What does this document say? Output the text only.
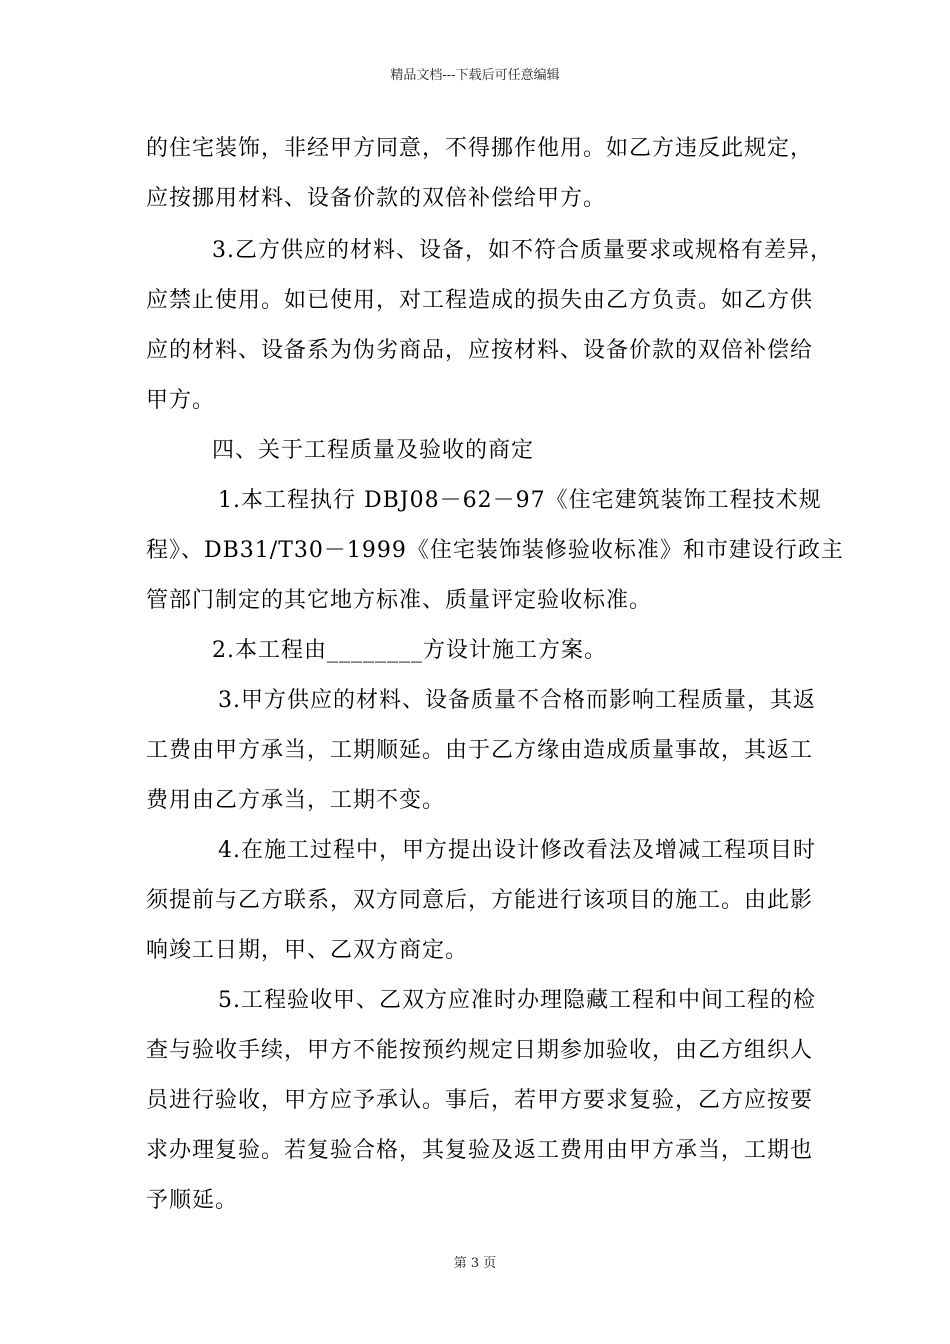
精品文档---下载后可任意编辑
的住宅装饰，非经甲方同意，不得挪作他用。如乙方违反此规定，
应按挪用材料、设备价款的双倍补偿给甲方。
3.乙方供应的材料、设备，如不符合质量要求或规格有差异，
应禁止使用。如已使用，对工程造成的损失由乙方负责。如乙方供
应的材料、设备系为伪劣商品，应按材料、设备价款的双倍补偿给
甲方。
四、关于工程质量及验收的商定
1.本工程执行 DBJ08－62－97《住宅建筑装饰工程技术规
程》、DB31/T30－1999《住宅装饰装修验收标准》和市建设行政主
管部门制定的其它地方标准、质量评定验收标准。
2.本工程由________方设计施工方案。
3.甲方供应的材料、设备质量不合格而影响工程质量，其返
工费由甲方承当，工期顺延。由于乙方缘由造成质量事故，其返工
费用由乙方承当，工期不变。
4.在施工过程中，甲方提出设计修改看法及增减工程项目时
须提前与乙方联系，双方同意后，方能进行该项目的施工。由此影
响竣工日期，甲、乙双方商定。
5.工程验收甲、乙双方应准时办理隐藏工程和中间工程的检
查与验收手续，甲方不能按预约规定日期参加验收，由乙方组织人
员进行验收，甲方应予承认。事后，若甲方要求复验，乙方应按要
求办理复验。若复验合格，其复验及返工费用由甲方承当，工期也
予顺延。
第 3 页
